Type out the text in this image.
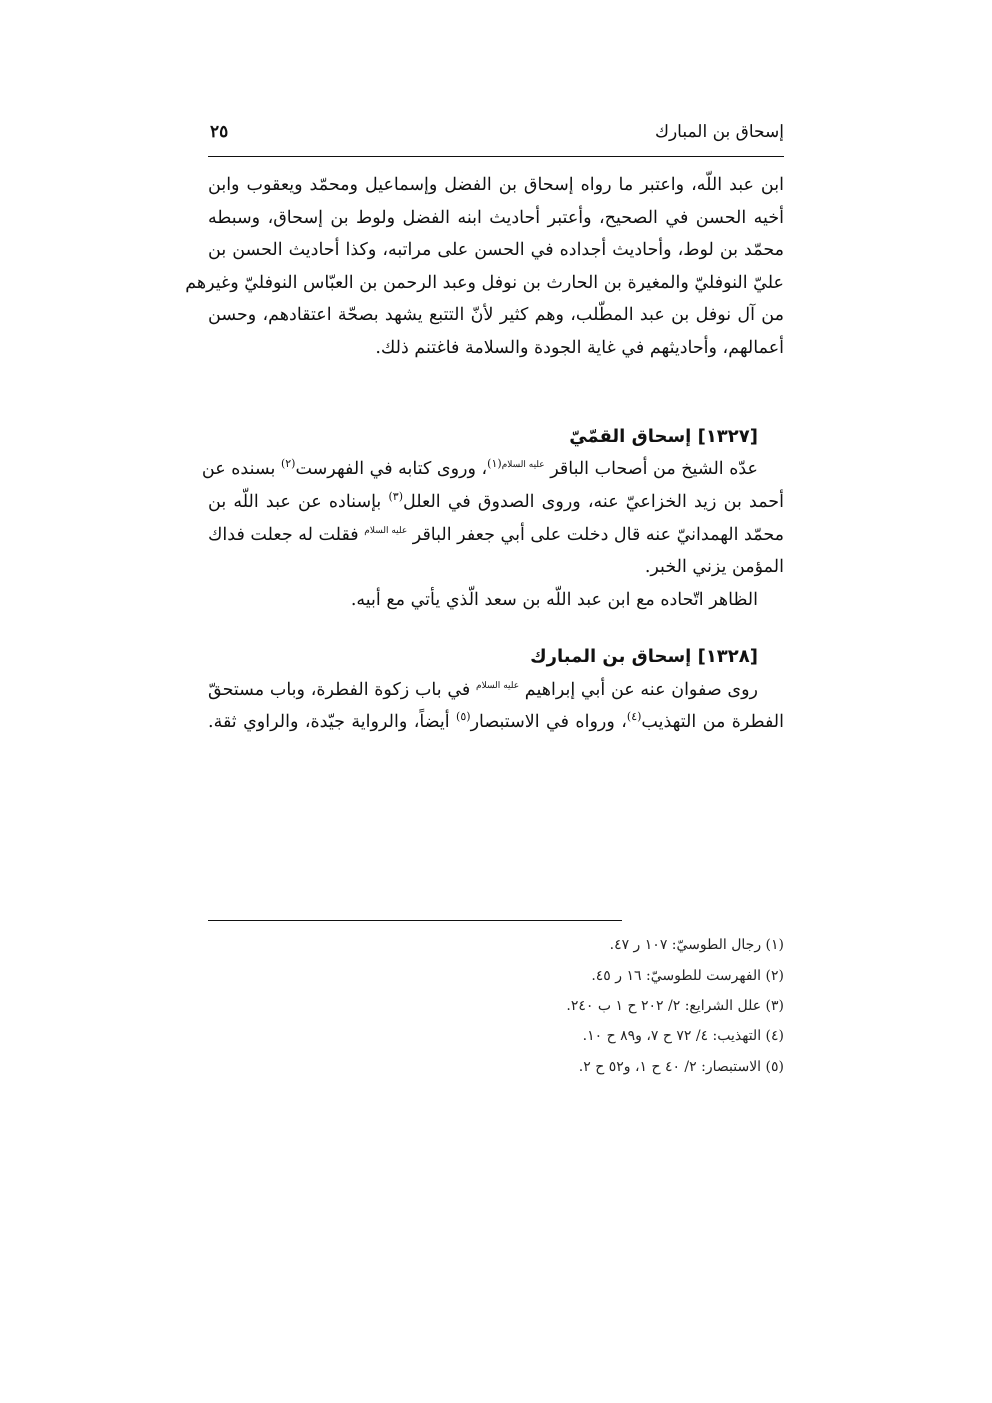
إسحاق بن المبارك
٢٥
ابن عبد اللّه، واعتبر ما رواه إسحاق بن الفضل وإسماعيل ومحمّد ويعقوب وابن
أخيه الحسن في الصحيح، وأعتبر أحاديث ابنه الفضل ولوط بن إسحاق، وسبطه
محمّد بن لوط، وأحاديث أجداده في الحسن على مراتبه، وكذا أحاديث الحسن بن
عليّ النوفليّ والمغيرة بن الحارث بن نوفل وعبد الرحمن بن العبّاس النوفليّ وغيرهم
من آل نوفل بن عبد المطّلب، وهم كثير لأنّ التتبع يشهد بصحّة اعتقادهم، وحسن
أعمالهم، وأحاديثهم في غاية الجودة والسلامة فاغتنم ذلك.
[١٣٢٧] إسحاق القمّيّ
عدّه الشيخ من أصحاب الباقر $^{عليه السلام(١)}$، وروى كتابه في الفهرست$^{(٢)}$ بسنده عن
أحمد بن زيد الخزاعيّ عنه، وروى الصدوق في العلل$^{(٣)}$ بإسناده عن عبد اللّه بن
محمّد الهمدانيّ عنه قال دخلت على أبي جعفر الباقر $^{عليه السلام}$ فقلت له جعلت فداك
المؤمن يزني الخبر.
الظاهر اتّحاده مع ابن عبد اللّه بن سعد الّذي يأتي مع أبيه.
[١٣٢٨] إسحاق بن المبارك
روى صفوان عنه عن أبي إبراهيم $^{عليه السلام}$ في باب زكوة الفطرة، وباب مستحقّ
الفطرة من التهذيب$^{(٤)}$، ورواه في الاستبصار$^{(٥)}$ أيضاً، والرواية جيّدة، والراوي ثقة.
(١) رجال الطوسيّ: ١٠٧ ر ٤٧.
(٢) الفهرست للطوسيّ: ١٦ ر ٤٥.
(٣) علل الشرايع: ٢/ ٢٠٢ ح ١ ب ٢٤٠.
(٤) التهذيب: ٤/ ٧٢ ح ٧، و٨٩ ح ١٠.
(٥) الاستبصار: ٢/ ٤٠ ح ١، و٥٢ ح ٢.
